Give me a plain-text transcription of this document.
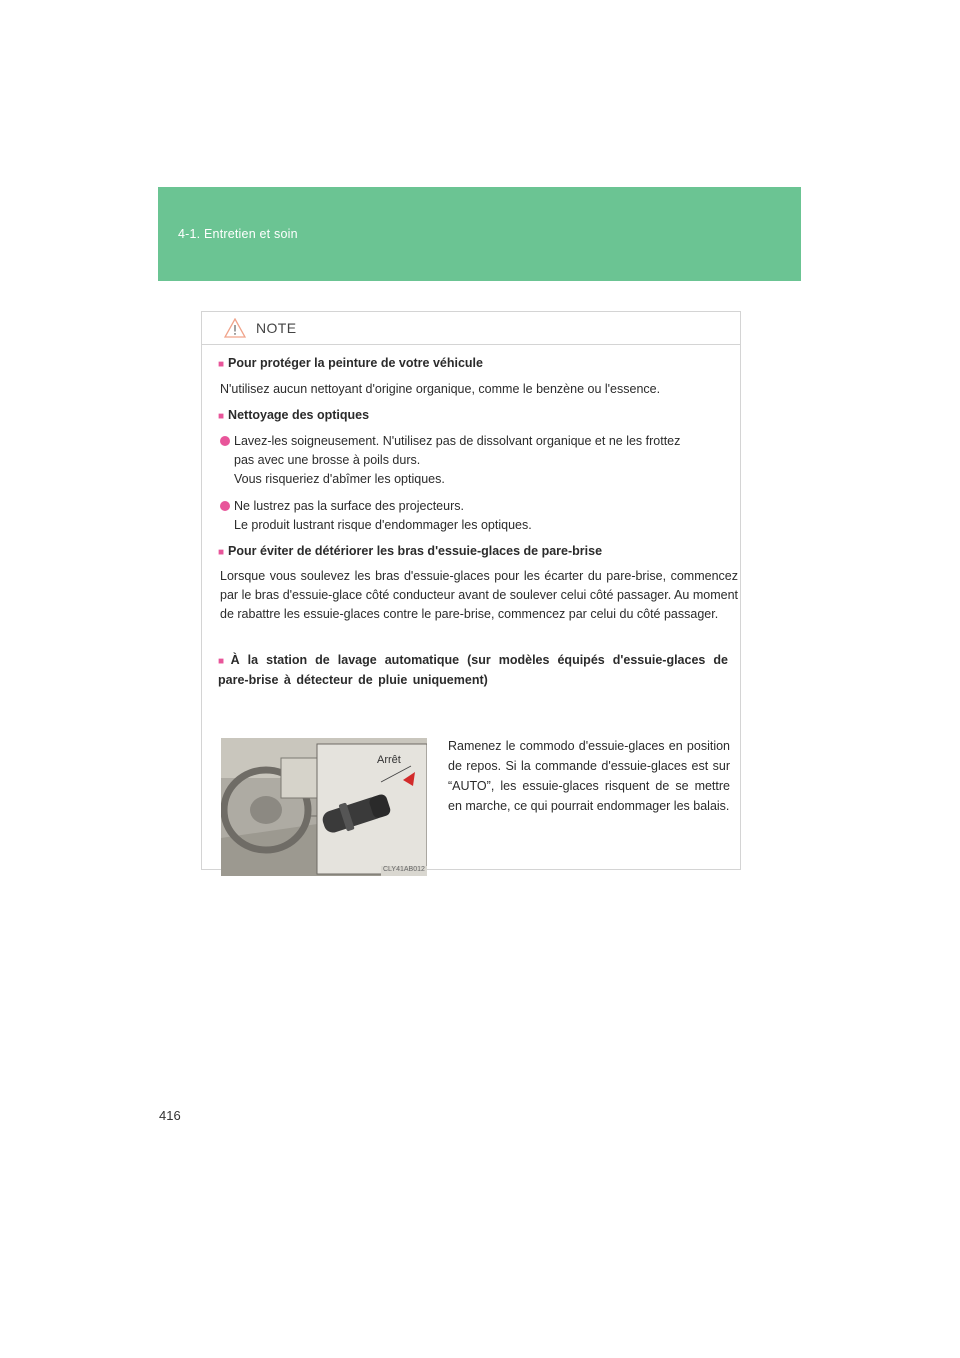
4-1. Entretien et soin
NOTE
■ Pour protéger la peinture de votre véhicule
N'utilisez aucun nettoyant d'origine organique, comme le benzène ou l'essence.
■ Nettoyage des optiques
Lavez-les soigneusement. N'utilisez pas de dissolvant organique et ne les frottez
pas avec une brosse à poils durs.
Vous risqueriez d'abîmer les optiques.
Ne lustrez pas la surface des projecteurs.
Le produit lustrant risque d'endommager les optiques.
■ Pour éviter de détériorer les bras d'essuie-glaces de pare-brise
Lorsque vous soulevez les bras d'essuie-glaces pour les écarter du pare-brise, commencez par le bras d'essuie-glace côté conducteur avant de soulever celui côté passager. Au moment de rabattre les essuie-glaces contre le pare-brise, commencez par celui du côté passager.
■ À la station de lavage automatique (sur modèles équipés d'essuie-glaces de pare-brise à détecteur de pluie uniquement)
Arrêt
CLY41AB012
Ramenez le commodo d'essuie-glaces en position de repos. Si la commande d'essuie-glaces est sur “AUTO”, les essuie-glaces risquent de se mettre en marche, ce qui pourrait endommager les balais.
416
